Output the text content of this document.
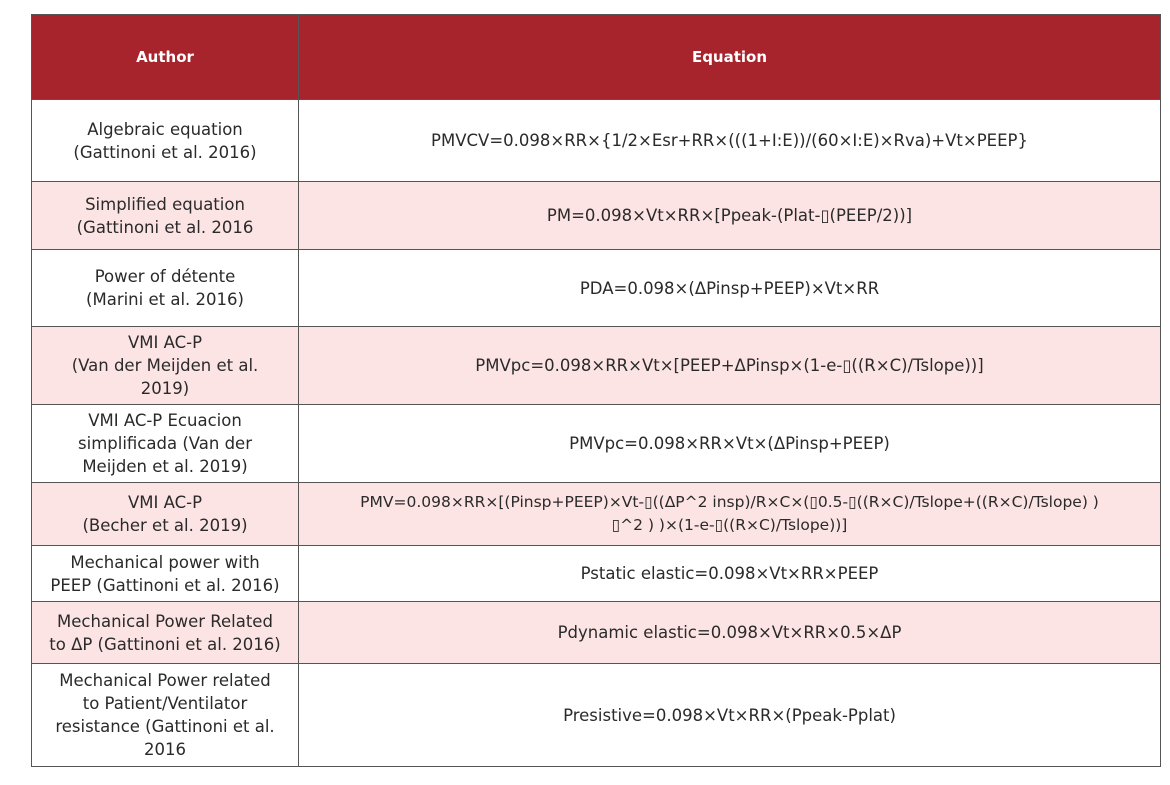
Author	Equation
Algebraic equation
(Gattinoni et al. 2016)	PMVCV=0.098×RR×{1/2×Esr+RR×(((1+I:E))/(60×I:E)×Rva)+Vt×PEEP}
Simplified equation
(Gattinoni et al. 2016	PM=0.098×Vt×RR×[Ppeak-(Plat-▯(PEEP/2))]
Power of détente
(Marini et al. 2016)	PDA=0.098×(ΔPinsp+PEEP)×Vt×RR
VMI AC-P
(Van der Meijden et al.
2019)	PMVpc=0.098×RR×Vt×[PEEP+ΔPinsp×(1-e-▯((R×C)/Tslope))]
VMI AC-P Ecuacion
simplificada (Van der
Meijden et al. 2019)	PMVpc=0.098×RR×Vt×(ΔPinsp+PEEP)
VMI AC-P
(Becher et al. 2019)	PMV=0.098×RR×[(Pinsp+PEEP)×Vt-▯((ΔP^2 insp)/R×C×(▯0.5-▯((R×C)/Tslope+((R×C)/Tslope) )
▯^2 ) )×(1-e-▯((R×C)/Tslope))]
Mechanical power with
PEEP (Gattinoni et al. 2016)	Pstatic elastic=0.098×Vt×RR×PEEP
Mechanical Power Related
to ΔP (Gattinoni et al. 2016)	Pdynamic elastic=0.098×Vt×RR×0.5×ΔP
Mechanical Power related
to Patient/Ventilator
resistance (Gattinoni et al.
2016	Presistive=0.098×Vt×RR×(Ppeak-Pplat)
